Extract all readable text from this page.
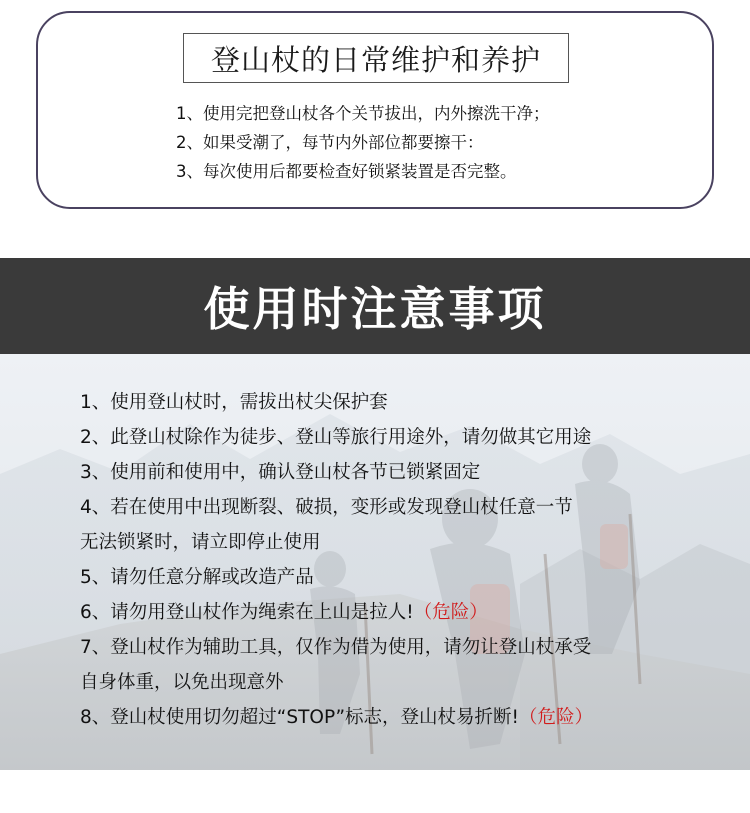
登山杖的日常维护和养护
1、使用完把登山杖各个关节拔出，内外擦洗干净；
2、如果受潮了，每节内外部位都要擦干：
3、每次使用后都要检查好锁紧装置是否完整。
使用时注意事项
1、使用登山杖时，需拔出杖尖保护套
2、此登山杖除作为徒步、登山等旅行用途外，请勿做其它用途
3、使用前和使用中，确认登山杖各节已锁紧固定
4、若在使用中出现断裂、破损，变形或发现登山杖任意一节
无法锁紧时，请立即停止使用
5、请勿任意分解或改造产品
6、请勿用登山杖作为绳索在上山是拉人!（危险）
7、登山杖作为辅助工具，仅作为借为使用，请勿让登山杖承受
自身体重，以免出现意外
8、登山杖使用切勿超过“STOP”标志，登山杖易折断!（危险）
